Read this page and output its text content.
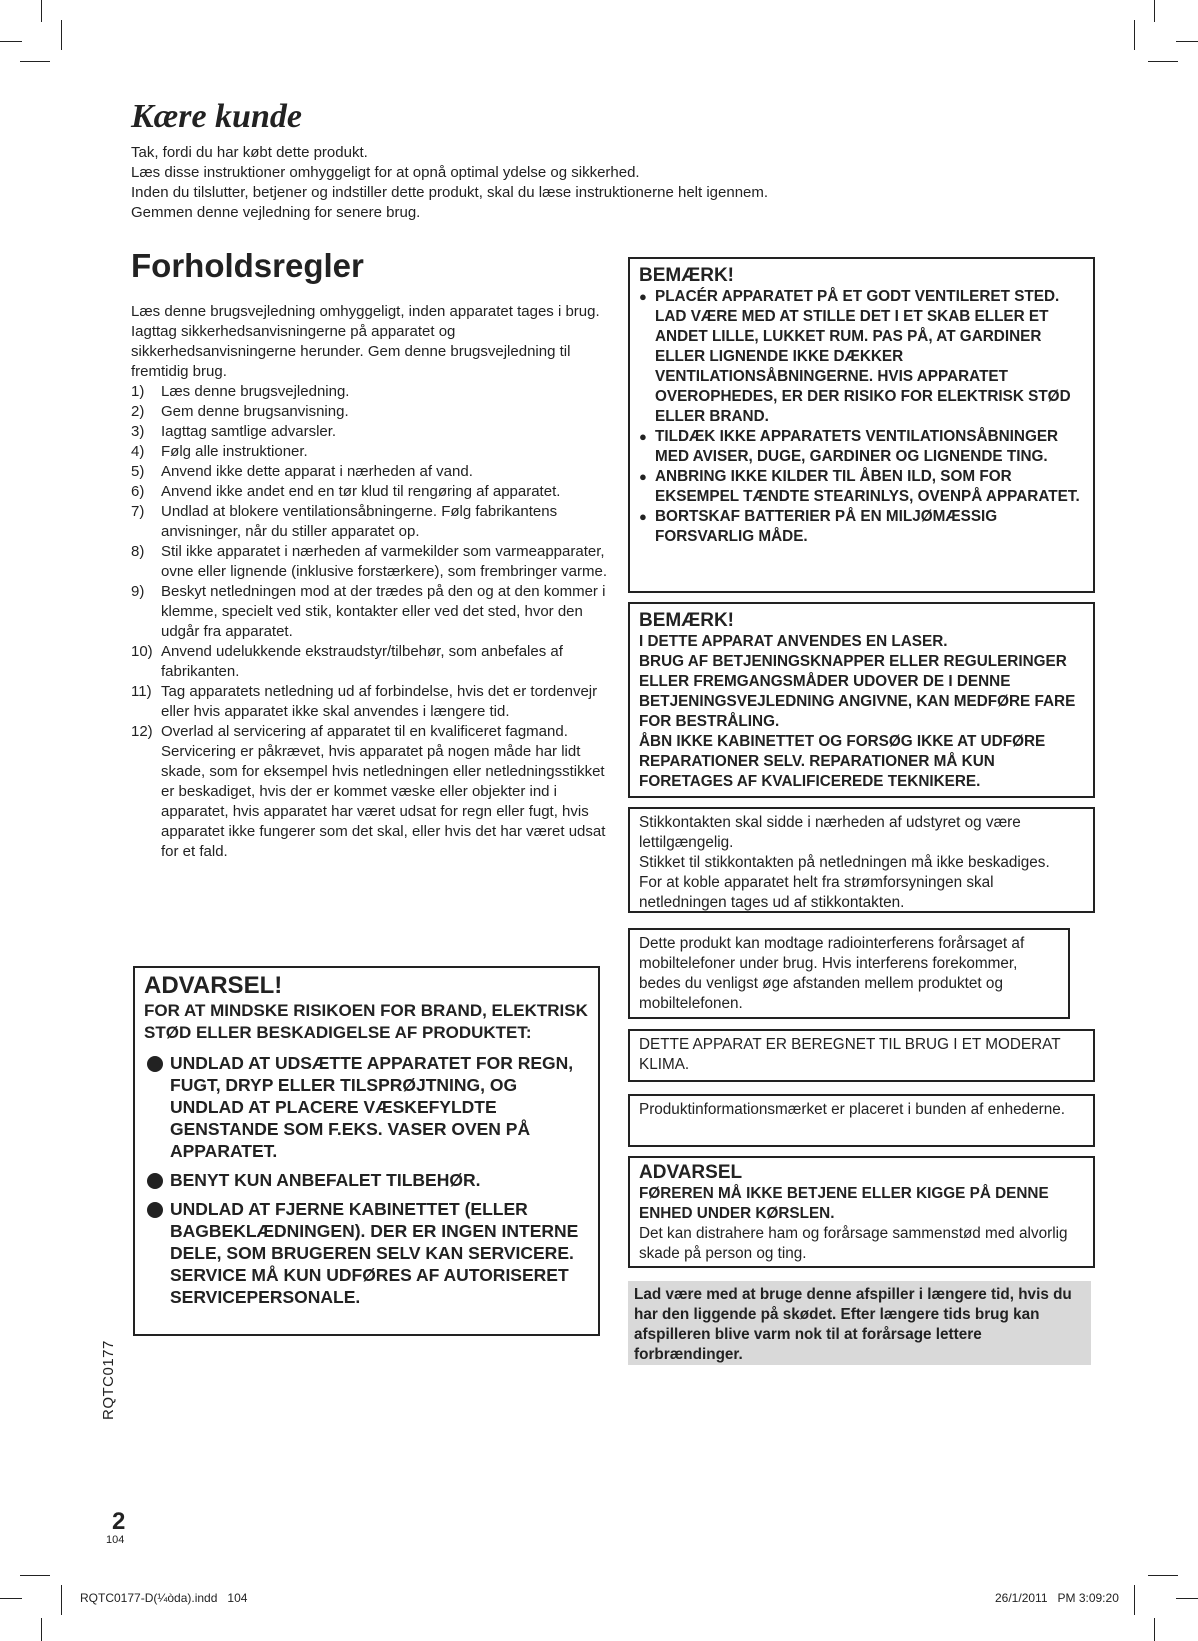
Kære kunde
Tak, fordi du har købt dette produkt.
Læs disse instruktioner omhyggeligt for at opnå optimal ydelse og sikkerhed.
Inden du tilslutter, betjener og indstiller dette produkt, skal du læse instruktionerne helt igennem.
Gemmen denne vejledning for senere brug.
Forholdsregler
Læs denne brugsvejledning omhyggeligt, inden apparatet tages i brug. Iagttag sikkerhedsanvisningerne på apparatet og sikkerhedsanvisningerne herunder. Gem denne brugsvejledning til fremtidig brug.
1)	Læs denne brugsvejledning.
2)	Gem denne brugsanvisning.
3)	Iagttag samtlige advarsler.
4)	Følg alle instruktioner.
5)	Anvend ikke dette apparat i nærheden af vand.
6)	Anvend ikke andet end en tør klud til rengøring af apparatet.
7)	Undlad at blokere ventilationsåbningerne. Følg fabrikantens anvisninger, når du stiller apparatet op.
8)	Stil ikke apparatet i nærheden af varmekilder som varmeapparater, ovne eller lignende (inklusive forstærkere), som frembringer varme.
9)	Beskyt netledningen mod at der trædes på den og at den kommer i klemme, specielt ved stik, kontakter eller ved det sted, hvor den udgår fra apparatet.
10) Anvend udelukkende ekstraudstyr/tilbehør, som anbefales af fabrikanten.
11) Tag apparatets netledning ud af forbindelse, hvis det er tordenvejr eller hvis apparatet ikke skal anvendes i længere tid.
12) Overlad al servicering af apparatet til en kvalificeret fagmand. Servicering er påkrævet, hvis apparatet på nogen måde har lidt skade, som for eksempel hvis netledningen eller netledningsstikket er beskadiget, hvis der er kommet væske eller objekter ind i apparatet, hvis apparatet har været udsat for regn eller fugt, hvis apparatet ikke fungerer som det skal, eller hvis det har været udsat for et fald.
ADVARSEL!
FOR AT MINDSKE RISIKOEN FOR BRAND, ELEKTRISK STØD ELLER BESKADIGELSE AF PRODUKTET:
UNDLAD AT UDSÆTTE APPARATET FOR REGN, FUGT, DRYP ELLER TILSPRØJTNING, OG UNDLAD AT PLACERE VÆSKEFYLDTE GENSTANDE SOM F.EKS. VASER OVEN PÅ APPARATET.
BENYT KUN ANBEFALET TILBEHØR.
UNDLAD AT FJERNE KABINETTET (ELLER BAGBEKLÆDNINGEN). DER ER INGEN INTERNE DELE, SOM BRUGEREN SELV KAN SERVICERE. SERVICE MÅ KUN UDFØRES AF AUTORISERET SERVICEPERSONALE.
BEMÆRK!
● PLACÉR APPARATET PÅ ET GODT VENTILERET STED. LAD VÆRE MED AT STILLE DET I ET SKAB ELLER ET ANDET LILLE, LUKKET RUM. PAS PÅ, AT GARDINER ELLER LIGNENDE IKKE DÆKKER VENTILATIONSÅBNINGERNE. HVIS APPARATET OVEROPHEDES, ER DER RISIKO FOR ELEKTRISK STØD ELLER BRAND.
● TILDÆK IKKE APPARATETS VENTILATIONSÅBNINGER MED AVISER, DUGE, GARDINER OG LIGNENDE TING.
● ANBRING IKKE KILDER TIL ÅBEN ILD, SOM FOR EKSEMPEL TÆNDTE STEARINLYS, OVENPÅ APPARATET.
● BORTSKAF BATTERIER PÅ EN MILJØMÆSSIG FORSVARLIG MÅDE.
BEMÆRK!
I DETTE APPARAT ANVENDES EN LASER.
BRUG AF BETJENINGSKNAPPER ELLER REGULERINGER ELLER FREMGANGSMÅDER UDOVER DE I DENNE BETJENINGSVEJLEDNING ANGIVNE, KAN MEDFØRE FARE FOR BESTRÅLING.
ÅBN IKKE KABINETTET OG FORSØG IKKE AT UDFØRE REPARATIONER SELV. REPARATIONER MÅ KUN FORETAGES AF KVALIFICEREDE TEKNIKERE.
Stikkontakten skal sidde i nærheden af udstyret og være lettilgængelig.
Stikket til stikkontakten på netledningen må ikke beskadiges.
For at koble apparatet helt fra strømforsyningen skal netledningen tages ud af stikkontakten.
Dette produkt kan modtage radiointerferens forårsaget af mobiltelefoner under brug. Hvis interferens forekommer, bedes du venligst øge afstanden mellem produktet og mobiltelefonen.
DETTE APPARAT ER BEREGNET TIL BRUG I ET MODERAT KLIMA.
Produktinformationsmærket er placeret i bunden af enhederne.
ADVARSEL
FØREREN MÅ IKKE BETJENE ELLER KIGGE PÅ DENNE ENHED UNDER KØRSLEN.
Det kan distrahere ham og forårsage sammenstød med alvorlig skade på person og ting.
Lad være med at bruge denne afspiller i længere tid, hvis du har den liggende på skødet. Efter længere tids brug kan afspilleren blive varm nok til at forårsage lettere forbrændinger.
RQTC0177
2
104
RQTC0177-D(¼òda).indd   104	26/1/2011   PM 3:09:20
